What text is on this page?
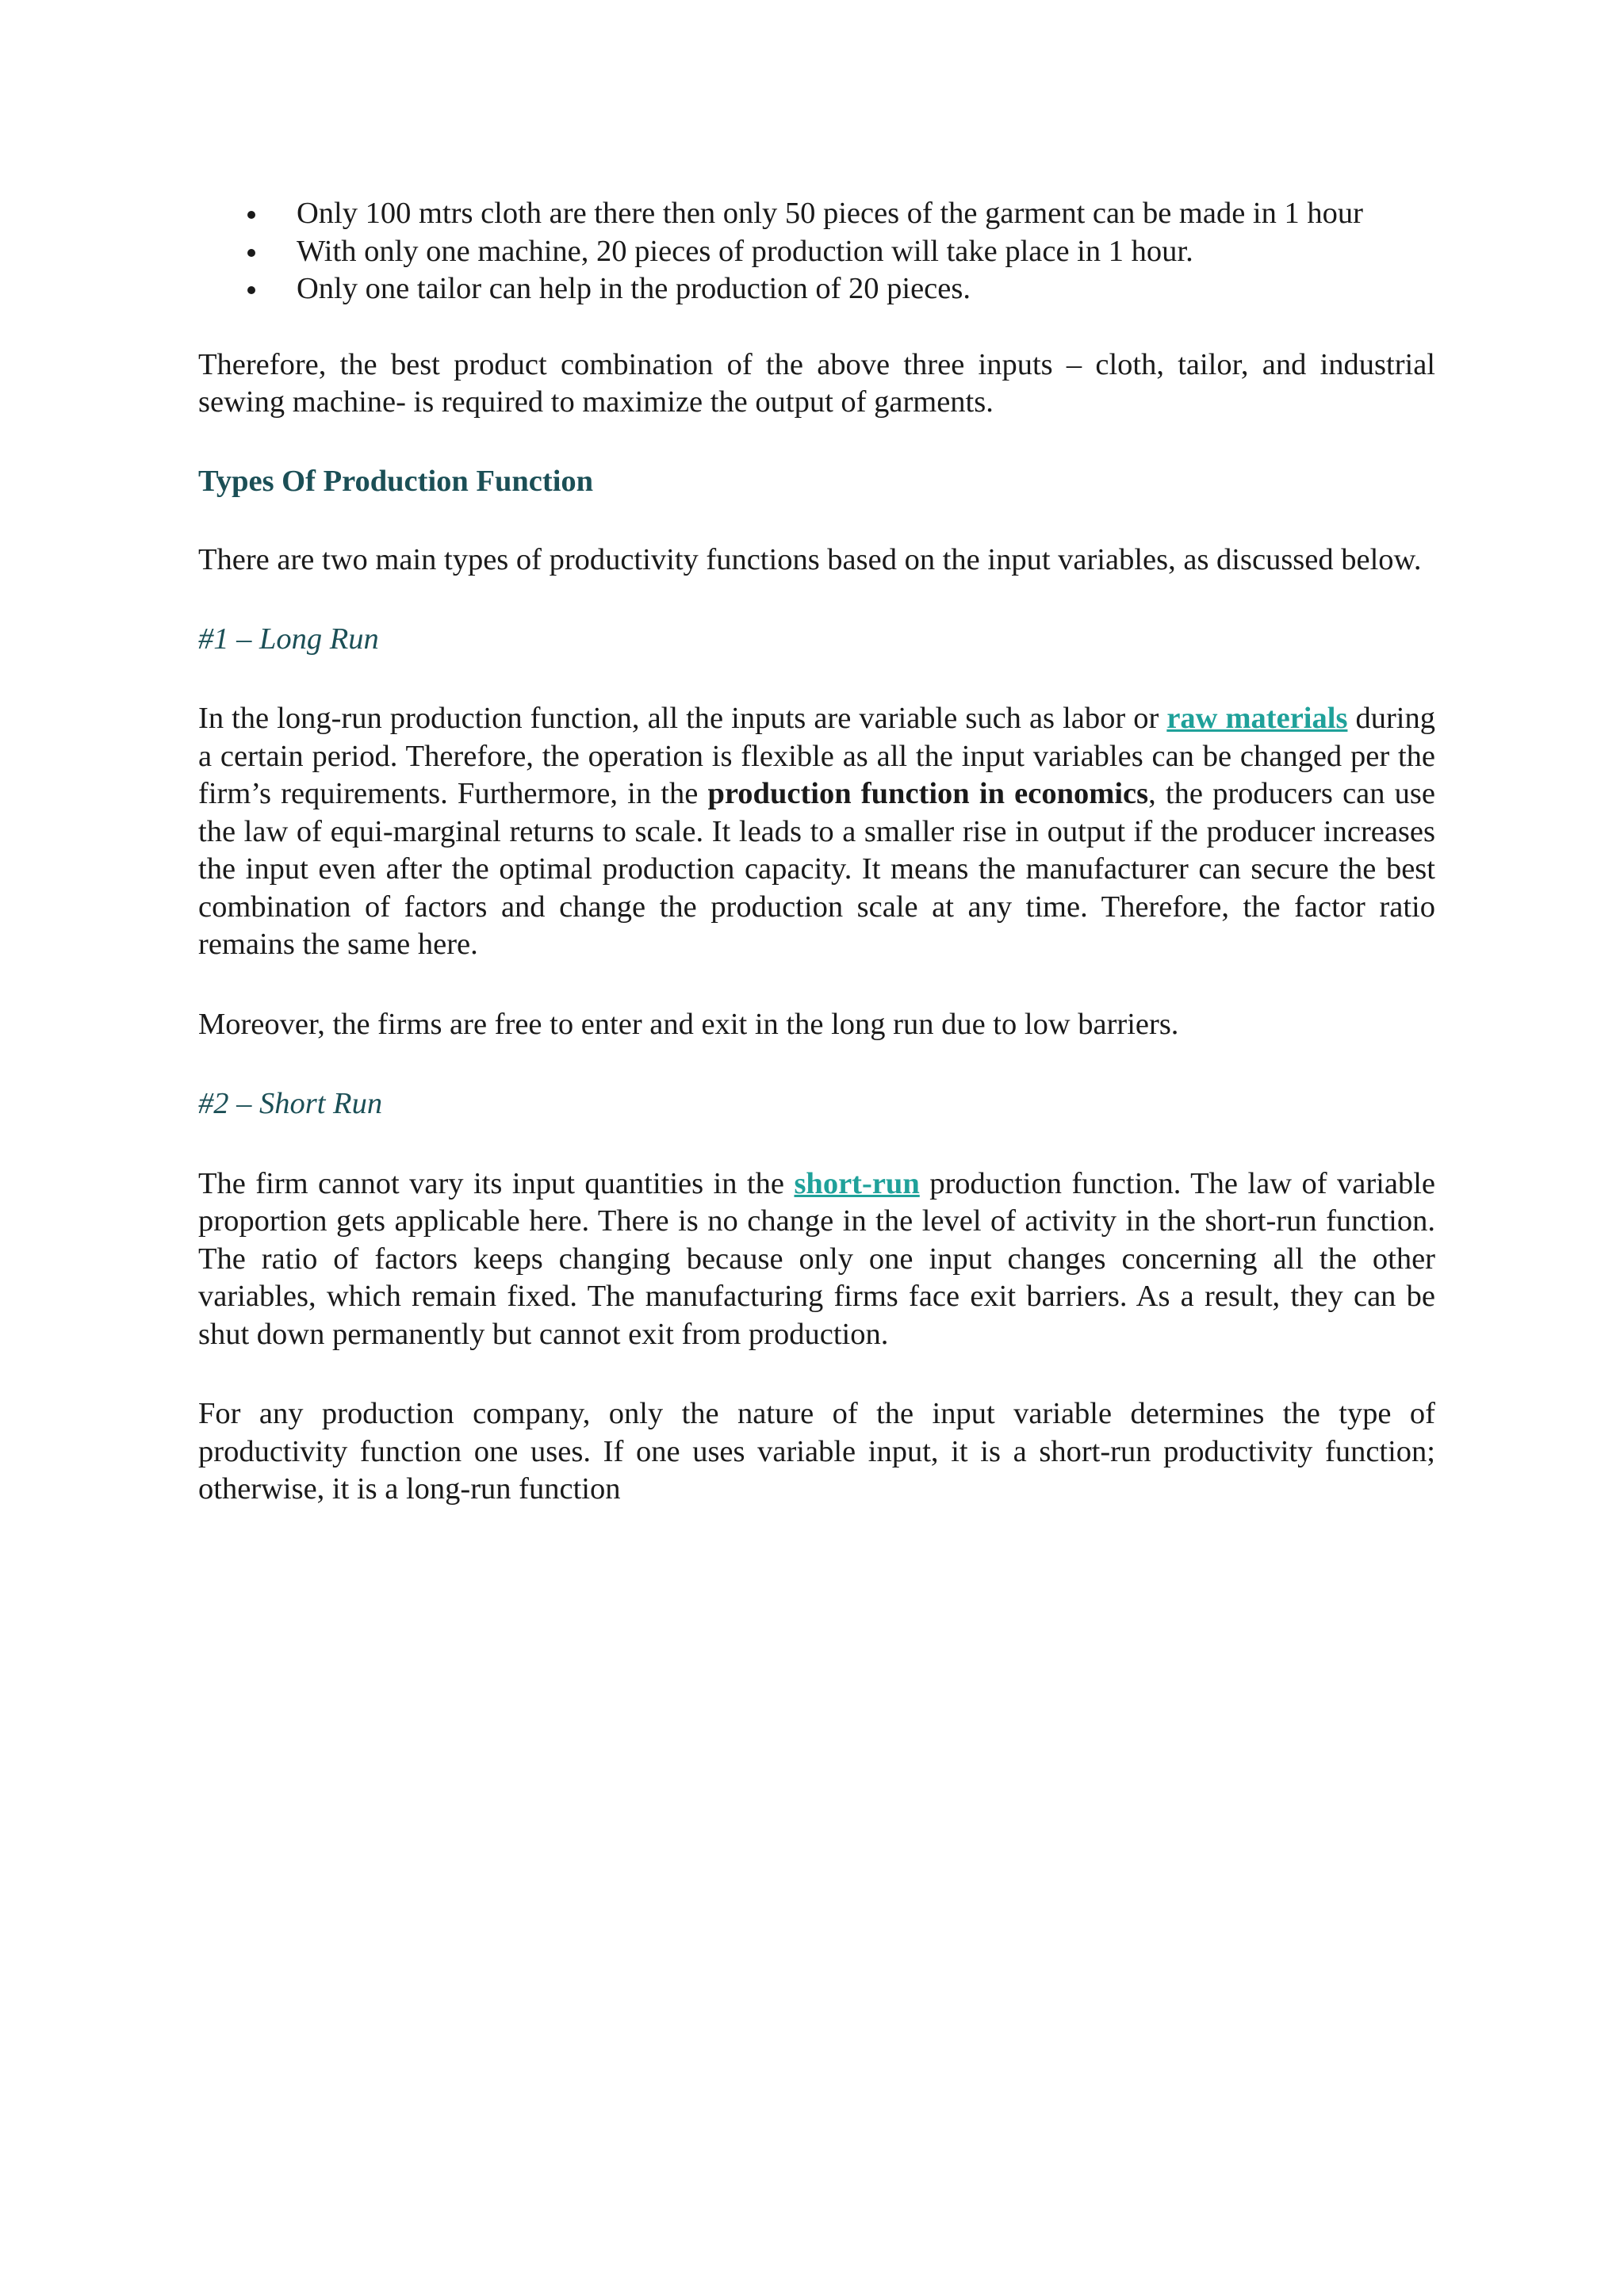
Only 100 mtrs cloth are there then only 50 pieces of the garment can be made in 1 hour
With only one machine, 20 pieces of production will take place in 1 hour.
Only one tailor can help in the production of 20 pieces.

Therefore, the best product combination of the above three inputs – cloth, tailor, and industrial sewing machine- is required to maximize the output of garments.

Types Of Production Function

There are two main types of productivity functions based on the input variables, as discussed below.

#1 – Long Run

In the long-run production function, all the inputs are variable such as labor or raw materials during a certain period. Therefore, the operation is flexible as all the input variables can be changed per the firm’s requirements. Furthermore, in the production function in economics, the producers can use the law of equi-marginal returns to scale. It leads to a smaller rise in output if the producer increases the input even after the optimal production capacity. It means the manufacturer can secure the best combination of factors and change the production scale at any time. Therefore, the factor ratio remains the same here.

Moreover, the firms are free to enter and exit in the long run due to low barriers.

#2 – Short Run

The firm cannot vary its input quantities in the short-run production function. The law of variable proportion gets applicable here. There is no change in the level of activity in the short-run function. The ratio of factors keeps changing because only one input changes concerning all the other variables, which remain fixed. The manufacturing firms face exit barriers. As a result, they can be shut down permanently but cannot exit from production.

For any production company, only the nature of the input variable determines the type of productivity function one uses. If one uses variable input, it is a short-run productivity function; otherwise, it is a long-run function
